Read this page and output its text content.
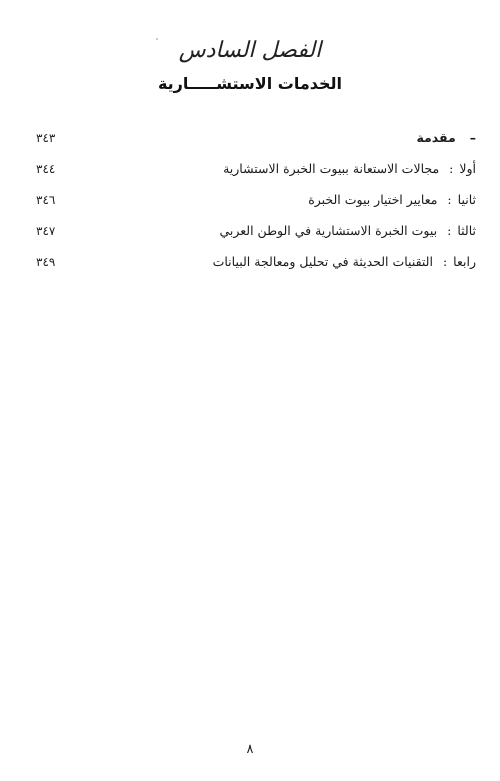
الفصل السادس
الخدمات الاستشـــــارية
٣٤٣	–مقدمة
٣٤٤	أولا: مجالات الاستعانة ببيوت الخبرة الاستشارية
٣٤٦	ثانيا: معايير اختيار بيوت الخبرة
٣٤٧	ثالثا: بيوت الخبرة الاستشارية في الوطن العربي
٣٤٩	رابعا: التقنيات الحديثة في تحليل ومعالجة البيانات
٨
